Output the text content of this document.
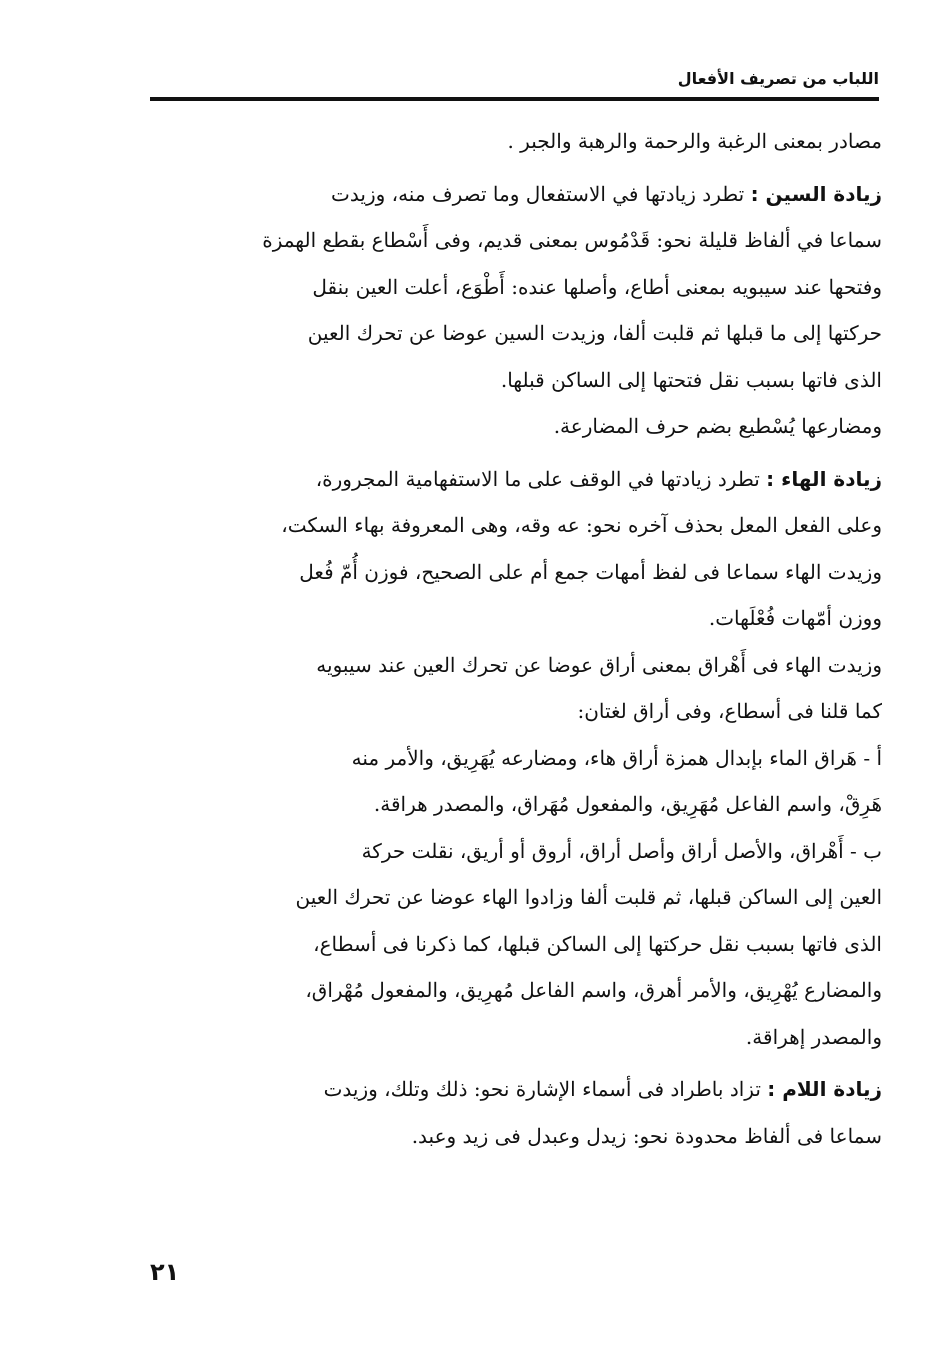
اللباب من تصريف الأفعال
مصادر بمعنى الرغبة والرحمة والرهبة والجبر .
زيادة السين : تطرد زيادتها في الاستفعال وما تصرف منه، وزيدت
سماعا في ألفاظ قليلة نحو: قَدْمُوس بمعنى قديم، وفى أَسْطاع بقطع الهمزة
وفتحها عند سيبويه بمعنى أطاع، وأصلها عنده: أَطْوَع، أعلت العين بنقل
حركتها إلى ما قبلها ثم قلبت ألفا، وزيدت السين عوضا عن تحرك العين
الذى فاتها بسبب نقل فتحتها إلى الساكن قبلها.
ومضارعها يُسْطيع بضم حرف المضارعة.
زيادة الهاء : تطرد زيادتها في الوقف على ما الاستفهامية المجرورة،
وعلى الفعل المعل بحذف آخره نحو: عه وقه، وهى المعروفة بهاء السكت،
وزيدت الهاء سماعا فى لفظ أمهات جمع أم على الصحيح، فوزن أُمّ فُعل
ووزن أمّهات فُعْلَهات.
وزيدت الهاء فى أَهْراق بمعنى أراق عوضا عن تحرك العين عند سيبويه
كما قلنا فى أسطاع، وفى أراق لغتان:
أ - هَراق الماء بإبدال همزة أراق هاء، ومضارعه يُهَرِيق، والأمر منه
هَرِقْ، واسم الفاعل مُهَرِيق، والمفعول مُهَراق، والمصدر هراقة.
ب - أَهْراق، والأصل أراق وأصل أراق، أروق أو أريق، نقلت حركة
العين إلى الساكن قبلها، ثم قلبت ألفا وزادوا الهاء عوضا عن تحرك العين
الذى فاتها بسبب نقل حركتها إلى الساكن قبلها، كما ذكرنا فى أسطاع،
والمضارع يُهْرِيق، والأمر أهرق، واسم الفاعل مُهرِيق، والمفعول مُهْراق،
والمصدر إهراقة.
زيادة اللام : تزاد باطراد فى أسماء الإشارة نحو: ذلك وتلك، وزيدت
سماعا فى ألفاظ محدودة نحو: زيدل وعبدل فى زيد وعبد.
٢١
